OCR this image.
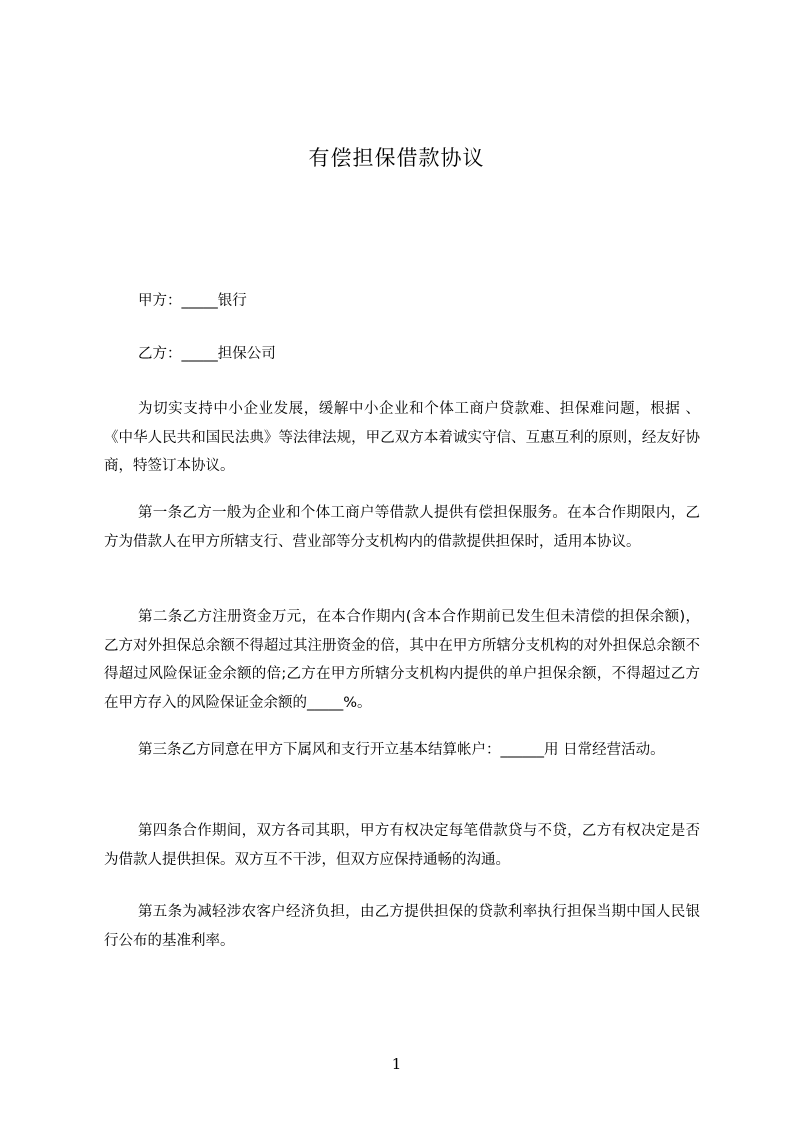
有偿担保借款协议
甲方：_____银行
乙方：_____担保公司
为切实支持中小企业发展，缓解中小企业和个体工商户贷款难、担保难问题，根据 、《中华人民共和国民法典》等法律法规，甲乙双方本着诚实守信、互惠互利的原则，经友好协商，特签订本协议。
第一条乙方一般为企业和个体工商户等借款人提供有偿担保服务。在本合作期限内，乙方为借款人在甲方所辖支行、营业部等分支机构内的借款提供担保时，适用本协议。
第二条乙方注册资金万元，在本合作期内(含本合作期前已发生但未清偿的担保余额)，乙方对外担保总余额不得超过其注册资金的倍，其中在甲方所辖分支机构的对外担保总余额不得超过风险保证金余额的倍;乙方在甲方所辖分支机构内提供的单户担保余额，不得超过乙方在甲方存入的风险保证金余额的_____%。
第三条乙方同意在甲方下属风和支行开立基本结算帐户：______用 日常经营活动。
第四条合作期间，双方各司其职，甲方有权决定每笔借款贷与不贷，乙方有权决定是否为借款人提供担保。双方互不干涉，但双方应保持通畅的沟通。
第五条为减轻涉农客户经济负担，由乙方提供担保的贷款利率执行担保当期中国人民银行公布的基准利率。
1
